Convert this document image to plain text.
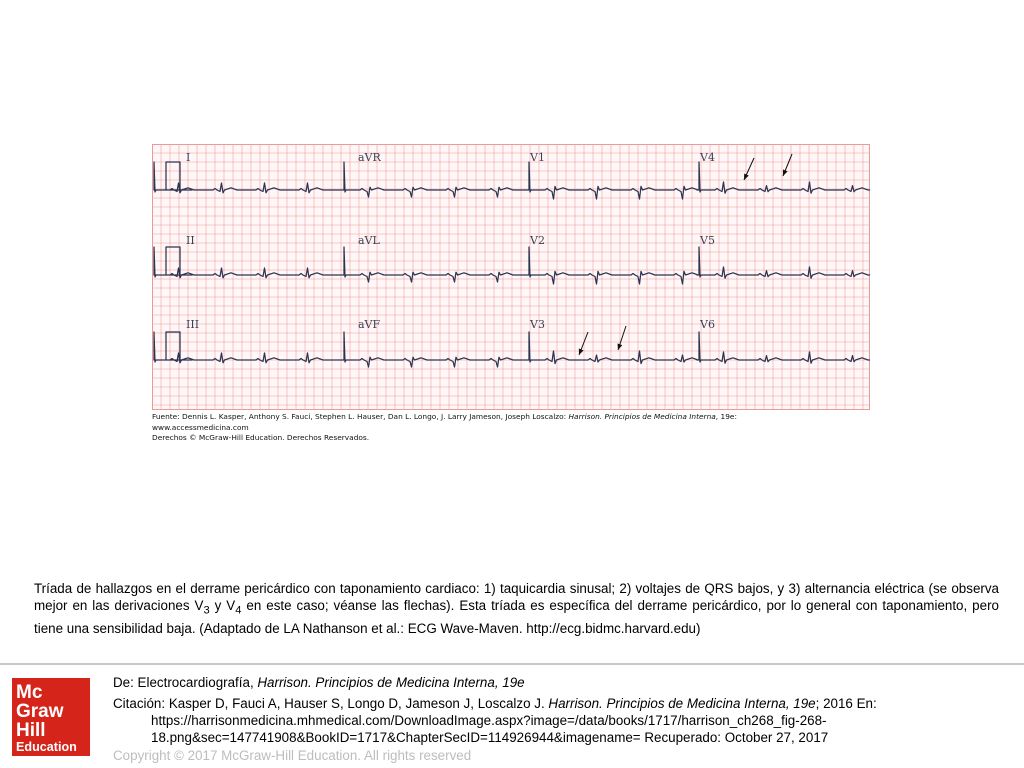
I	aVR	V1	V4
II	aVL	V2	V5
III	aVF	V3	V6
Fuente: Dennis L. Kasper, Anthony S. Fauci, Stephen L. Hauser, Dan L. Longo, J. Larry Jameson, Joseph Loscalzo: Harrison. Principios de Medicina Interna, 19e:
www.accessmedicina.com
Derechos © McGraw-Hill Education. Derechos Reservados.
Tríada de hallazgos en el derrame pericárdico con taponamiento cardiaco: 1) taquicardia sinusal; 2) voltajes de QRS bajos, y 3) alternancia eléctrica (se observa mejor en las derivaciones $V_3$ y $V_4$ en este caso; véanse las flechas). Esta tríada es específica del derrame pericárdico, por lo general con taponamiento, pero tiene una sensibilidad baja. (Adaptado de LA Nathanson et al.: ECG Wave-Maven. http://ecg.bidmc.harvard.edu)
Mc
Graw
Hill
Education
De: Electrocardiografía, Harrison. Principios de Medicina Interna, 19e
Citación: Kasper D, Fauci A, Hauser S, Longo D, Jameson J, Loscalzo J. Harrison. Principios de Medicina Interna, 19e; 2016 En: https://harrisonmedicina.mhmedical.com/DownloadImage.aspx?image=/data/books/1717/harrison_ch268_fig-268-18.png&sec=147741908&BookID=1717&ChapterSecID=114926944&imagename= Recuperado: October 27, 2017
Copyright © 2017 McGraw-Hill Education. All rights reserved
